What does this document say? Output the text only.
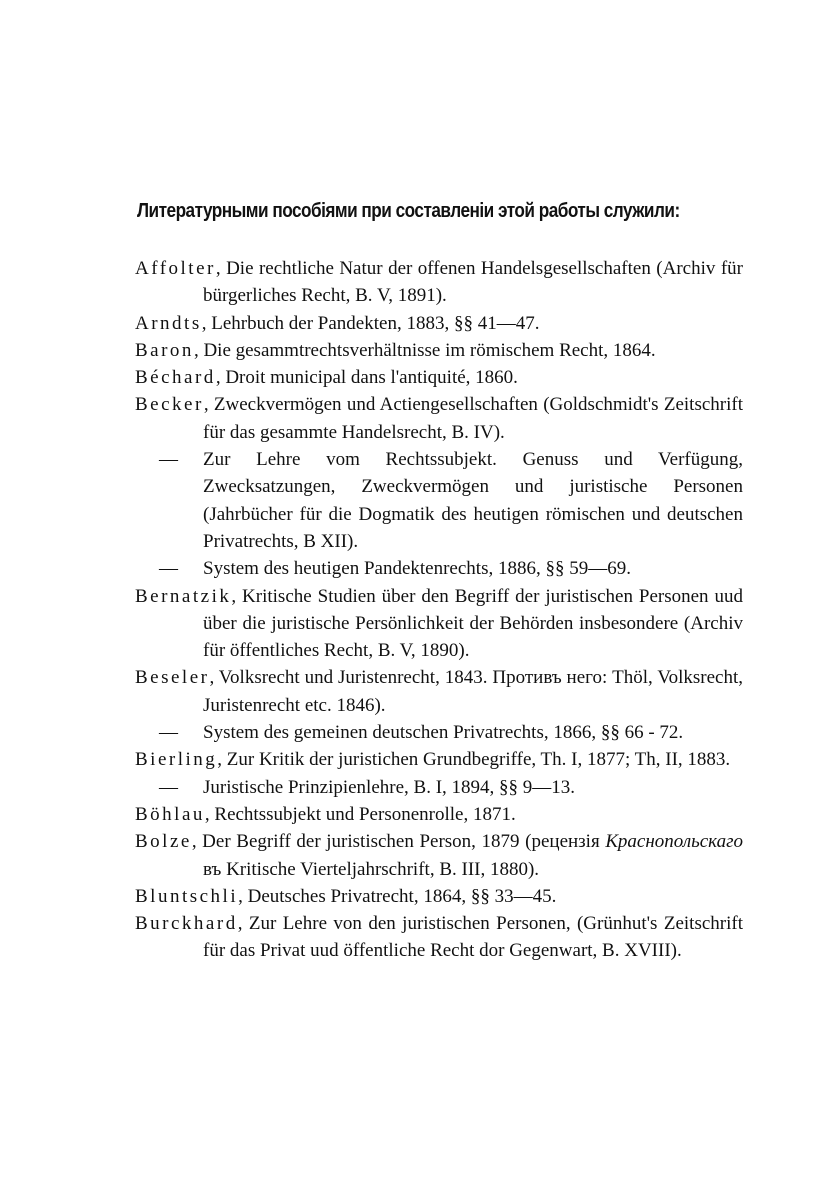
Литературными пособіями при составленіи этой работы служили:

Affolter, Die rechtliche Natur der offenen Handelsgesellschaften (Archiv für bürgerliches Recht, B. V, 1891).

Arndts, Lehrbuch der Pandekten, 1883, §§ 41—47.

Baron, Die gesammtrechtsverhältnisse im römischem Recht, 1864.

Béchard, Droit municipal dans l'antiquité, 1860.

Becker, Zweckvermögen und Actiengesellschaften (Goldschmidt's Zeitschrift für das gesammte Handelsrecht, B. IV).

— Zur Lehre vom Rechtssubjekt. Genuss und Verfügung, Zwecksatzungen, Zweckvermögen und juristische Personen (Jahrbücher für die Dogmatik des heutigen römischen und deutschen Privatrechts, B XII).

— System des heutigen Pandektenrechts, 1886, §§ 59—69.

Bernatzik, Kritische Studien über den Begriff der juristischen Personen uud über die juristische Persönlichkeit der Behörden insbesondere (Archiv für öffentliches Recht, B. V, 1890).

Beseler, Volksrecht und Juristenrecht, 1843. Противъ него: Thöl, Volksrecht, Juristenrecht etc. 1846).

— System des gemeinen deutschen Privatrechts, 1866, §§ 66 - 72.

Bierling, Zur Kritik der juristichen Grundbegriffe, Th. I, 1877; Th, II, 1883.

— Juristische Prinzipienlehre, B. I, 1894, §§ 9—13.

Böhlau, Rechtssubjekt und Personenrolle, 1871.

Bolze, Der Begriff der juristischen Person, 1879 (рецензія Краснопольскаго въ Kritische Vierteljahrschrift, B. III, 1880).

Bluntschli, Deutsches Privatrecht, 1864, §§ 33—45.

Burckhard, Zur Lehre von den juristischen Personen, (Grünhut's Zeitschrift für das Privat uud öffentliche Recht dor Gegenwart, B. XVIII).
